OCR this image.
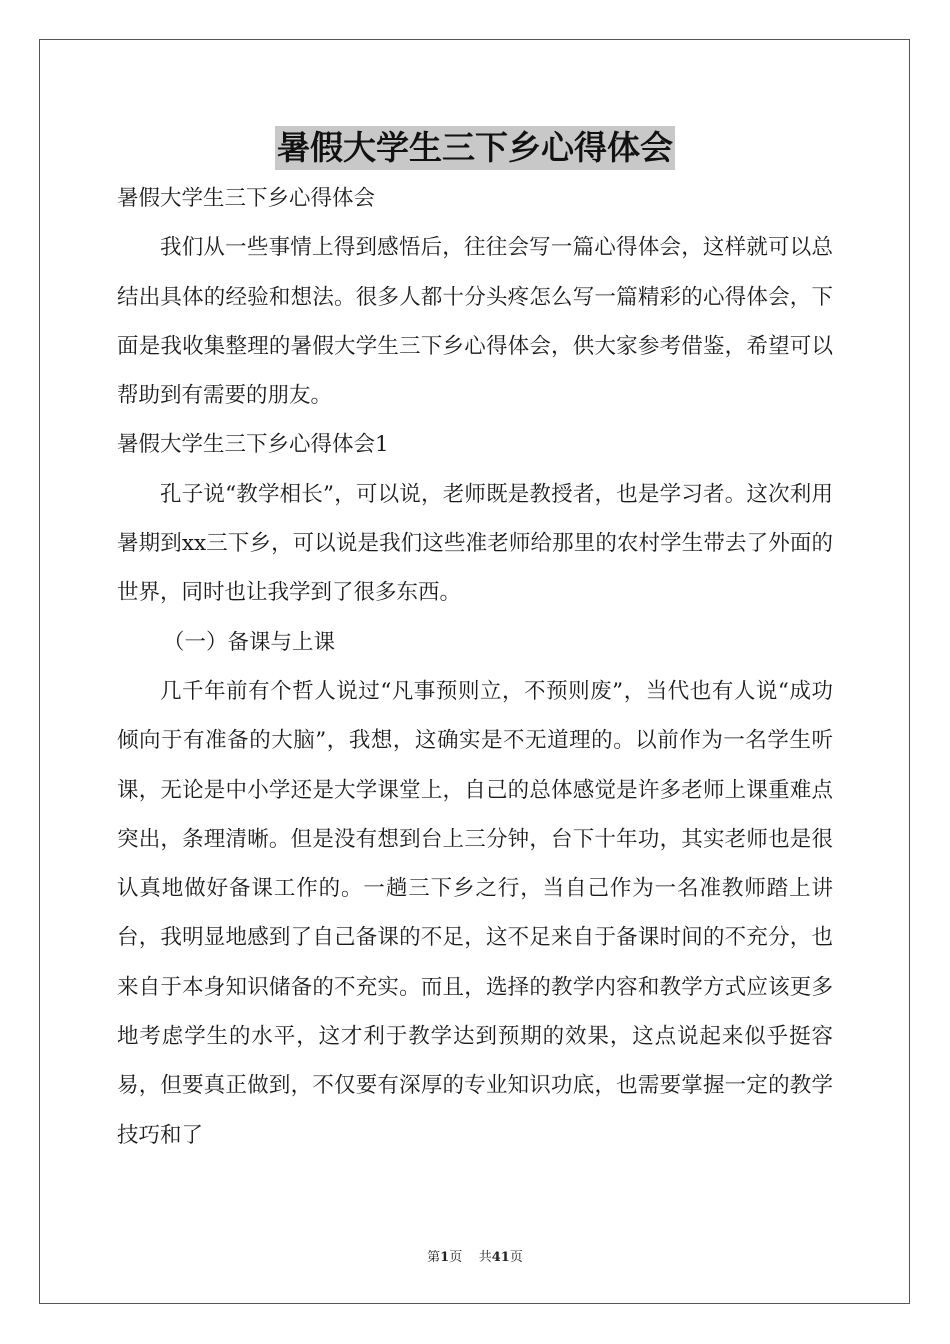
暑假大学生三下乡心得体会

暑假大学生三下乡心得体会

我们从一些事情上得到感悟后，往往会写一篇心得体会，这样就可以总结出具体的经验和想法。很多人都十分头疼怎么写一篇精彩的心得体会，下面是我收集整理的暑假大学生三下乡心得体会，供大家参考借鉴，希望可以帮助到有需要的朋友。

暑假大学生三下乡心得体会1

孔子说“教学相长”，可以说，老师既是教授者，也是学习者。这次利用暑期到xx三下乡，可以说是我们这些准老师给那里的农村学生带去了外面的世界，同时也让我学到了很多东西。

（一）备课与上课

几千年前有个哲人说过“凡事预则立，不预则废”，当代也有人说“成功倾向于有准备的大脑”，我想，这确实是不无道理的。以前作为一名学生听课，无论是中小学还是大学课堂上，自己的总体感觉是许多老师上课重难点突出，条理清晰。但是没有想到台上三分钟，台下十年功，其实老师也是很认真地做好备课工作的。一趟三下乡之行，当自己作为一名准教师踏上讲台，我明显地感到了自己备课的不足，这不足来自于备课时间的不充分，也来自于本身知识储备的不充实。而且，选择的教学内容和教学方式应该更多地考虑学生的水平，这才利于教学达到预期的效果，这点说起来似乎挺容易，但要真正做到，不仅要有深厚的专业知识功底，也需要掌握一定的教学技巧和了

第1页 共41页
